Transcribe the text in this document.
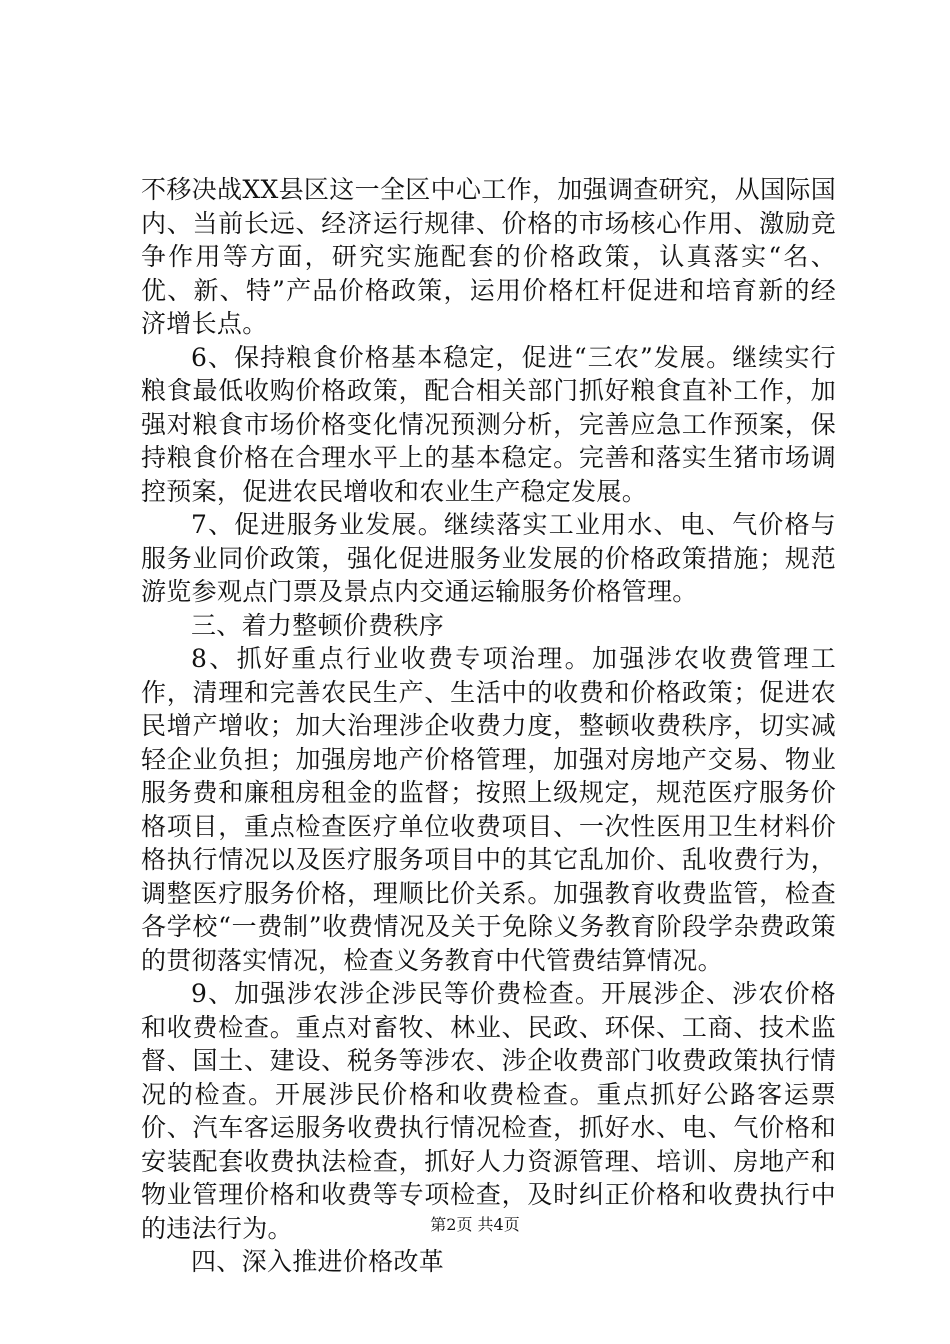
不移决战XX县区这一全区中心工作，加强调查研究，从国际国内、当前长远、经济运行规律、价格的市场核心作用、激励竞争作用等方面，研究实施配套的价格政策，认真落实“名、优、新、特”产品价格政策，运用价格杠杆促进和培育新的经济增长点。

6、保持粮食价格基本稳定，促进“三农”发展。继续实行粮食最低收购价格政策，配合相关部门抓好粮食直补工作，加强对粮食市场价格变化情况预测分析，完善应急工作预案，保持粮食价格在合理水平上的基本稳定。完善和落实生猪市场调控预案，促进农民增收和农业生产稳定发展。

7、促进服务业发展。继续落实工业用水、电、气价格与服务业同价政策，强化促进服务业发展的价格政策措施；规范游览参观点门票及景点内交通运输服务价格管理。

三、着力整顿价费秩序

8、抓好重点行业收费专项治理。加强涉农收费管理工作，清理和完善农民生产、生活中的收费和价格政策；促进农民增产增收；加大治理涉企收费力度，整顿收费秩序，切实减轻企业负担；加强房地产价格管理，加强对房地产交易、物业服务费和廉租房租金的监督；按照上级规定，规范医疗服务价格项目，重点检查医疗单位收费项目、一次性医用卫生材料价格执行情况以及医疗服务项目中的其它乱加价、乱收费行为，调整医疗服务价格，理顺比价关系。加强教育收费监管，检查各学校“一费制”收费情况及关于免除义务教育阶段学杂费政策的贯彻落实情况，检查义务教育中代管费结算情况。

9、加强涉农涉企涉民等价费检查。开展涉企、涉农价格和收费检查。重点对畜牧、林业、民政、环保、工商、技术监督、国土、建设、税务等涉农、涉企收费部门收费政策执行情况的检查。开展涉民价格和收费检查。重点抓好公路客运票价、汽车客运服务收费执行情况检查，抓好水、电、气价格和安装配套收费执法检查，抓好人力资源管理、培训、房地产和物业管理价格和收费等专项检查，及时纠正价格和收费执行中的违法行为。

四、深入推进价格改革

第2页 共4页
